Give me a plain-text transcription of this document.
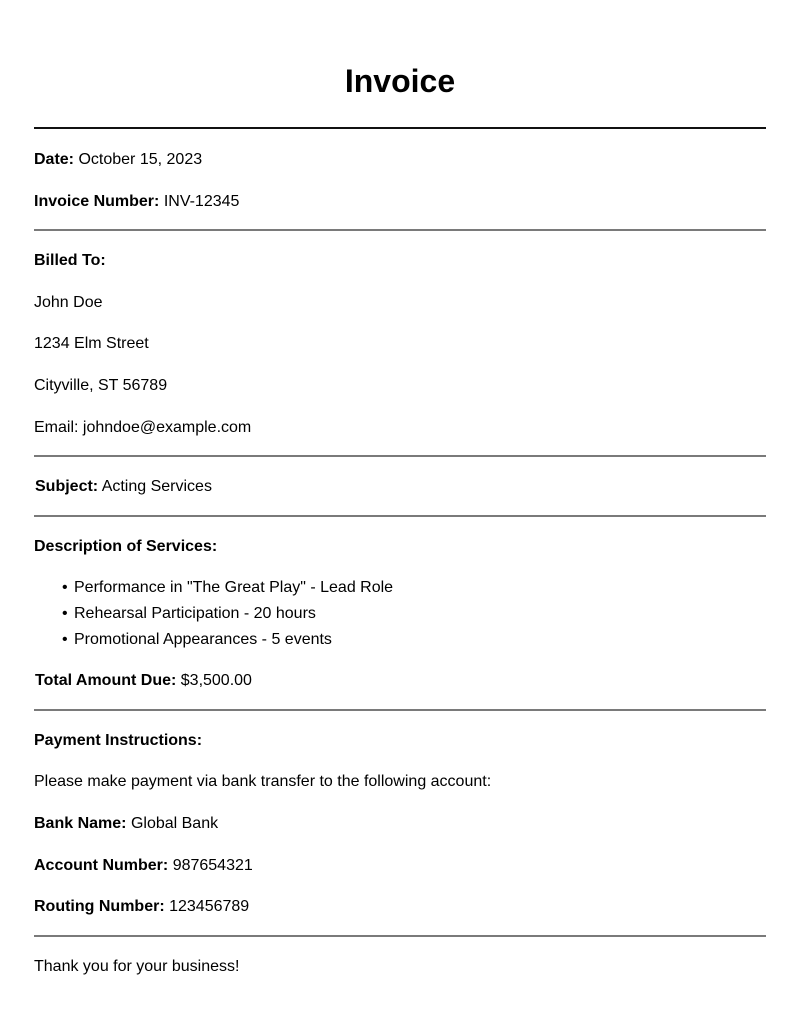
Invoice
Date: October 15, 2023
Invoice Number: INV-12345
Billed To:
John Doe
1234 Elm Street
Cityville, ST 56789
Email: johndoe@example.com
Subject: Acting Services
Description of Services:
• Performance in "The Great Play" - Lead Role
• Rehearsal Participation - 20 hours
• Promotional Appearances - 5 events
Total Amount Due: $3,500.00
Payment Instructions:
Please make payment via bank transfer to the following account:
Bank Name: Global Bank
Account Number: 987654321
Routing Number: 123456789
Thank you for your business!
